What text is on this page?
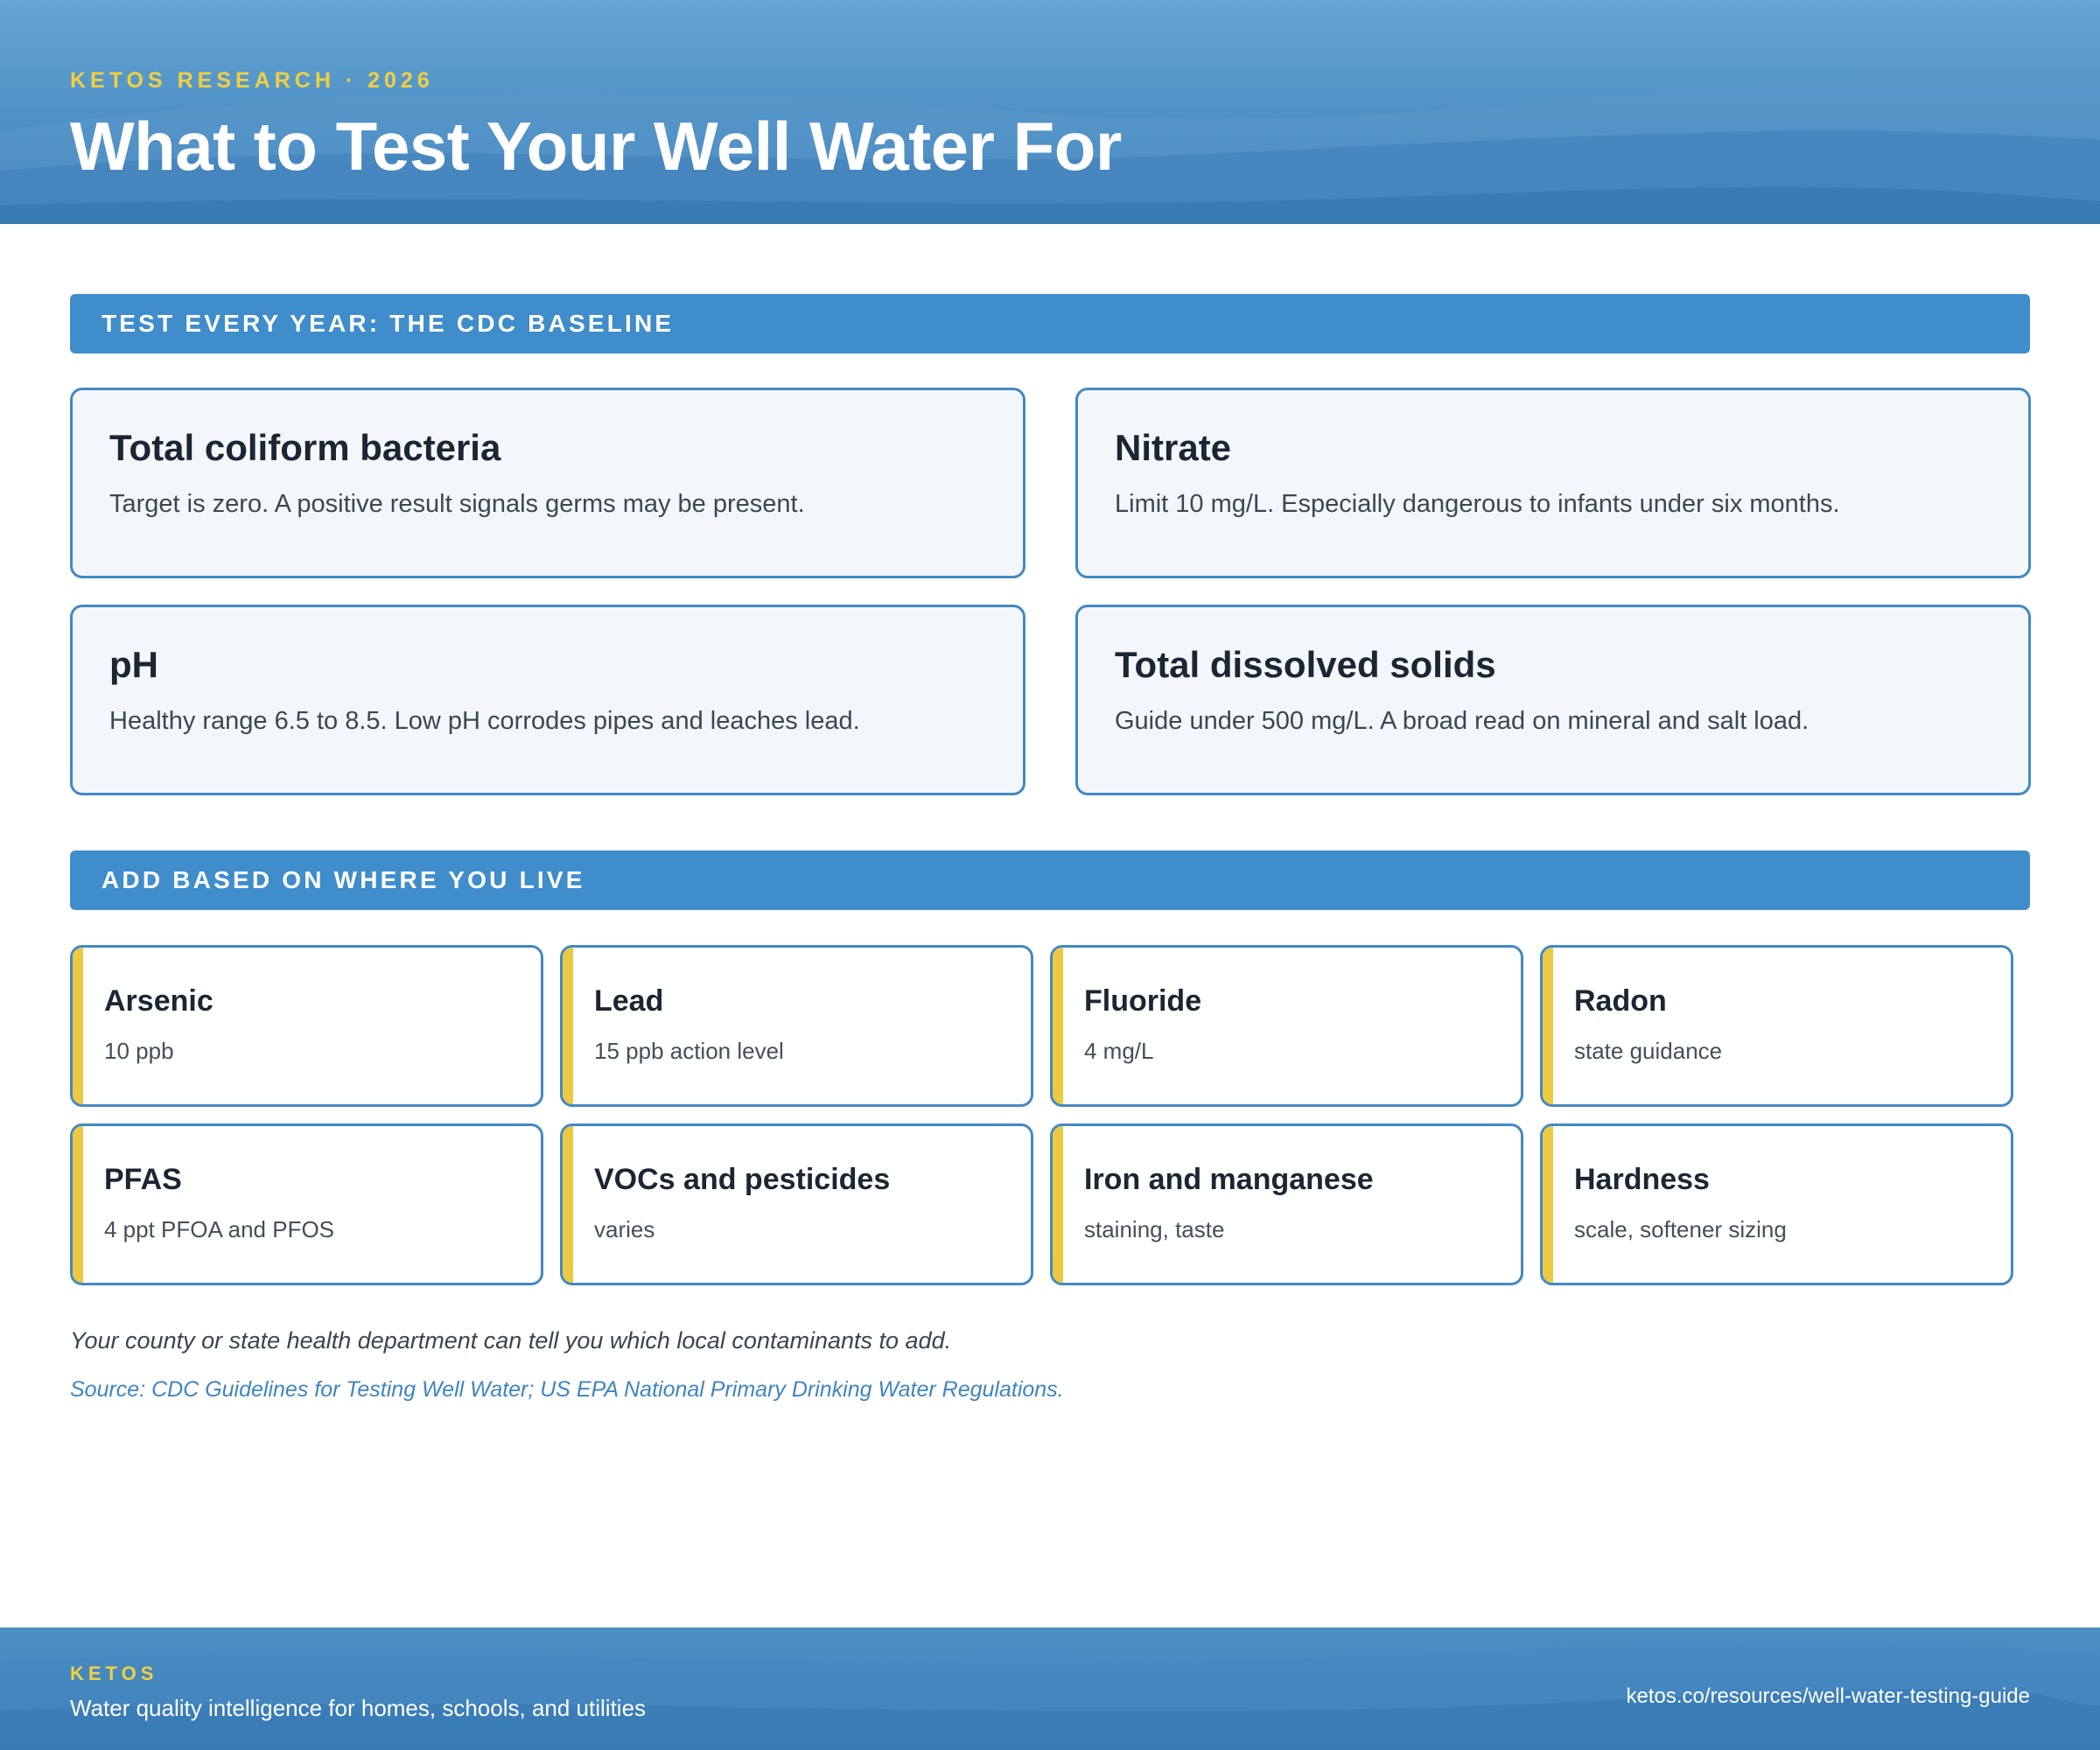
KETOS RESEARCH · 2026
What to Test Your Well Water For
TEST EVERY YEAR: THE CDC BASELINE
Total coliform bacteria
Target is zero. A positive result signals germs may be present.
Nitrate
Limit 10 mg/L. Especially dangerous to infants under six months.
pH
Healthy range 6.5 to 8.5. Low pH corrodes pipes and leaches lead.
Total dissolved solids
Guide under 500 mg/L. A broad read on mineral and salt load.
ADD BASED ON WHERE YOU LIVE
Arsenic
10 ppb
Lead
15 ppb action level
Fluoride
4 mg/L
Radon
state guidance
PFAS
4 ppt PFOA and PFOS
VOCs and pesticides
varies
Iron and manganese
staining, taste
Hardness
scale, softener sizing
Your county or state health department can tell you which local contaminants to add.
Source: CDC Guidelines for Testing Well Water; US EPA National Primary Drinking Water Regulations.
KETOS
Water quality intelligence for homes, schools, and utilities	ketos.co/resources/well-water-testing-guide
